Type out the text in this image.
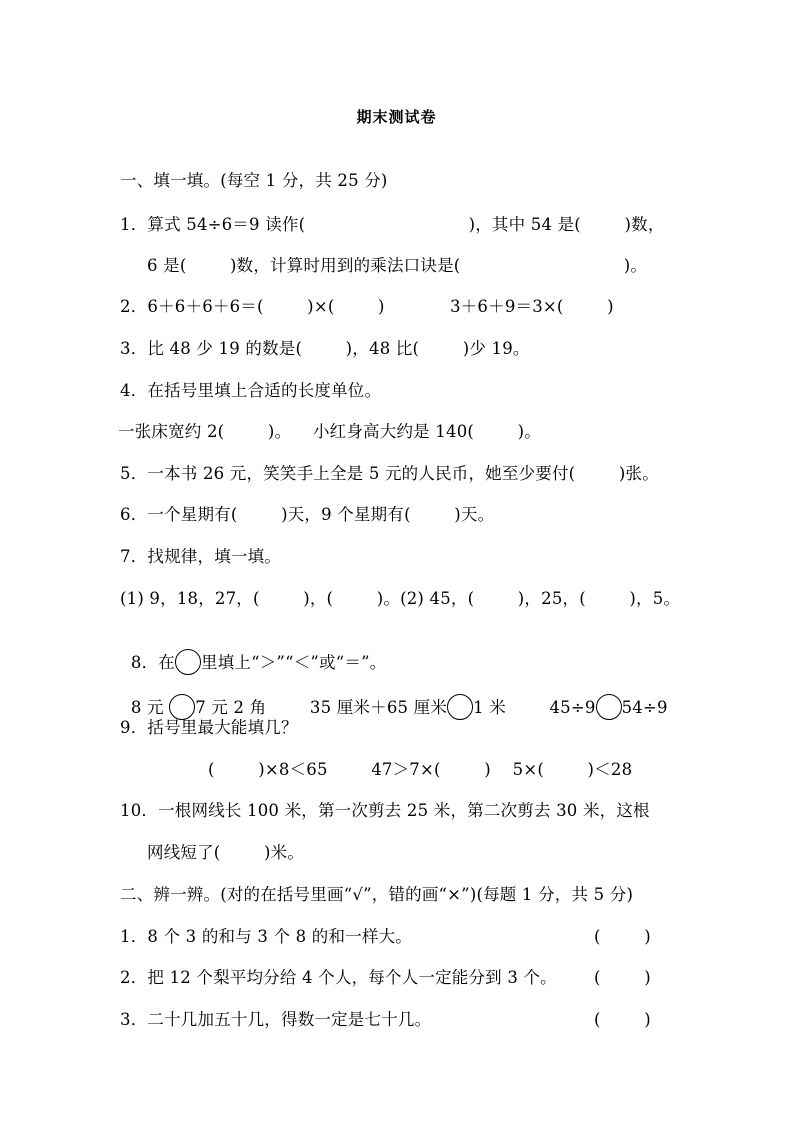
期末测试卷
一、填一填。(每空 1 分，共 25 分)
1．算式 54÷6＝9 读作(                              )，其中 54 是(        )数，
6 是(        )数，计算时用到的乘法口诀是(                              )。
2．6＋6＋6＋6＝(        )×(        )            3＋6＋9＝3×(        )
3．比 48 少 19 的数是(        )，48 比(        )少 19。
4．在括号里填上合适的长度单位。
一张床宽约 2(        )。    小红身高大约是 140(        )。
5．一本书 26 元，笑笑手上全是 5 元的人民币，她至少要付(        )张。
6．一个星期有(        )天，9 个星期有(        )天。
7．找规律，填一填。
(1) 9，18，27，(        )，(        )。(2) 45，(        )，25，(        )，5。

8．在 里填上“＞”“＜”或“＝”。

8 元 7 元 2 角        35 厘米＋65 厘米 1 米        45÷9 54÷9

9．括号里最大能填几？
(        )×8＜65        47＞7×(        )    5×(        )＜28
10．一根网线长 100 米，第一次剪去 25 米，第二次剪去 30 米，这根
网线短了(        )米。
二、辨一辨。(对的在括号里画“√”，错的画“×”)(每题 1 分，共 5 分)
1．8 个 3 的和与 3 个 8 的和一样大。	(        )
2．把 12 个梨平均分给 4 个人，每个人一定能分到 3 个。 (        )
3．二十几加五十几，得数一定是七十几。	(        )
